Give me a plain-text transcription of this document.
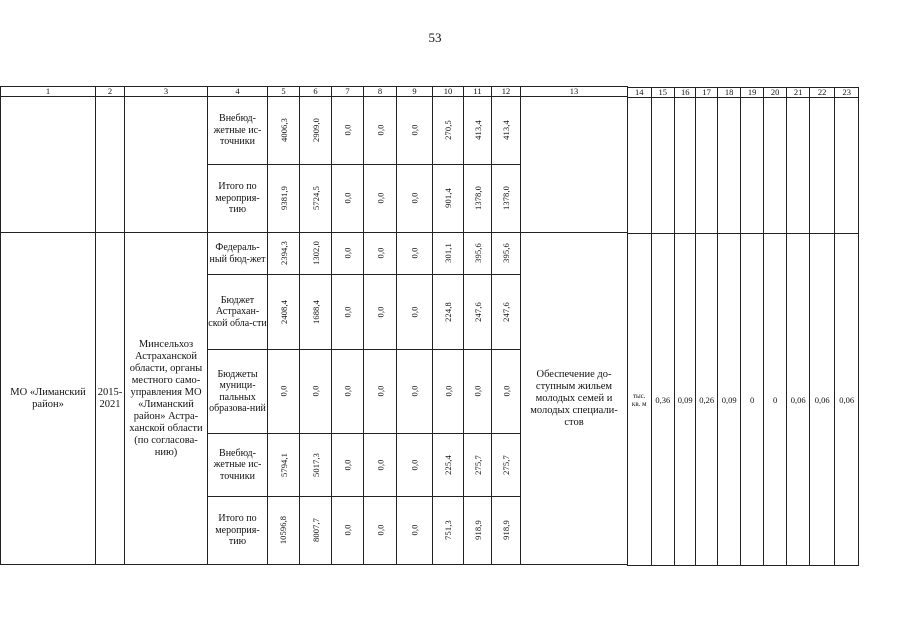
53
1	2	3	4	5	6	7	8	9	10	11	12	13
			Внебюд-жетные ис-точники	4006,3	2909,0	0,0	0,0	0,0	270,5	413,4	413,4	
			Итого по мероприя-тию	9381,9	5724,5	0,0	0,0	0,0	901,4	1378,0	1378,0	
МО «Лиманский район»	2015-2021	Минсельхоз Астраханской области, органы местного само-управления МО «Лиманский район» Астра-ханской области (по согласова-нию)	Федераль-ный бюд-жет	2394,3	1302,0	0,0	0,0	0,0	301,1	395,6	395,6	Обеспечение до-ступным жильем молодых семей и молодых специали-стов
			Бюджет Астрахан-ской обла-сти	2408,4	1688,4	0,0	0,0	0,0	224,8	247,6	247,6	
			Бюджеты муници-пальных образова-ний	0,0	0,0	0,0	0,0	0,0	0,0	0,0	0,0	
			Внебюд-жетные ис-точники	5794,1	5017,3	0,0	0,0	0,0	225,4	275,7	275,7	
			Итого по мероприя-тию	10596,8	8007,7	0,0	0,0	0,0	751,3	918,9	918,9	
14	15	16	17	18	19	20	21	22	23

тыс. кв. м	0,36	0,09	0,26	0,09	0	0	0,06	0,06	0,06
